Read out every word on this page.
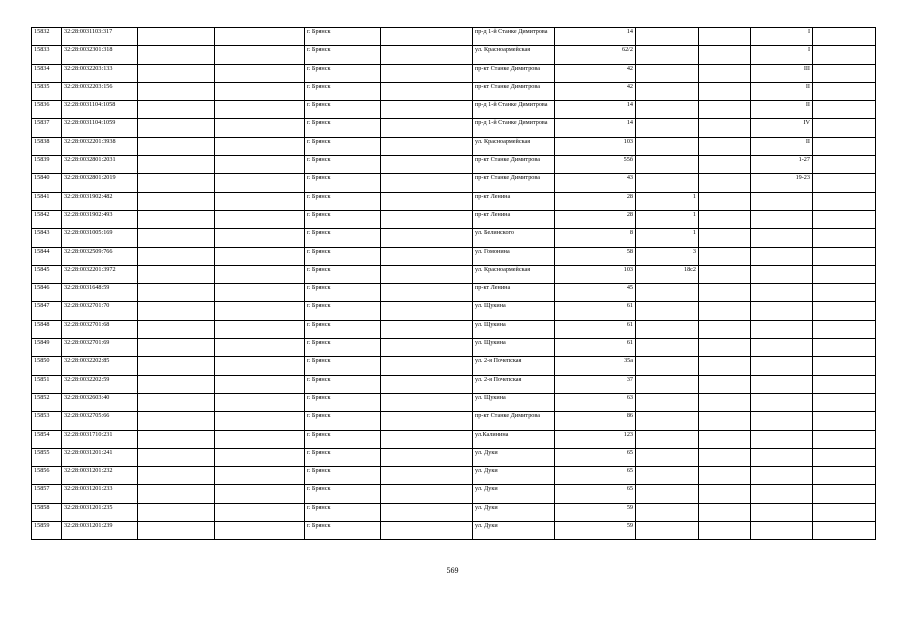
15832	32:28:0031103:317			г. Брянск		пр-д 1-й Станке Димитрова	14			I	
15833	32:28:0032301:318			г. Брянск		ул. Красноармейская	62/2			I	
15834	32:28:0032203:133			г. Брянск		пр-кт Станке Димитрова	42			III	
15835	32:28:0032203:156			г. Брянск		пр-кт Станке Димитрова	42			II	
15836	32:28:0031104:1058			г. Брянск		пр-д 1-й Станке Димитрова	14			II	
15837	32:28:0031104:1059			г. Брянск		пр-д 1-й Станке Димитрова	14			IV	
15838	32:28:0032201:3938			г. Брянск		ул. Красноармейская	103			II	
15839	32:28:0032801:2031			г. Брянск		пр-кт Станке Димитрова	55б			1-27	
15840	32:28:0032801:2019			г. Брянск		пр-кт Станке Димитрова	43			19-23	
15841	32:28:0031902:482			г. Брянск		пр-кт Ленина	28	1			
15842	32:28:0031902:493			г. Брянск		пр-кт Ленина	28	1			
15843	32:28:0031005:169			г. Брянск		ул. Белинского	8	1			
15844	32:28:0032509:766			г. Брянск		ул. Гомонина	58	3			
15845	32:28:0032201:3972			г. Брянск		ул. Красноармейская	103	18с2			
15846	32:28:0031648:59			г. Брянск		пр-кт Ленина	45				
15847	32:28:0032701:70			г. Брянск		ул. Щукина	61				
15848	32:28:0032701:68			г. Брянск		ул. Щукина	61				
15849	32:28:0032701:69			г. Брянск		ул. Щукина	61				
15850	32:28:0032202:85			г. Брянск		ул. 2-я Почепская	35а				
15851	32:28:0032202:59			г. Брянск		ул. 2-я Почепская	37				
15852	32:28:0032603:40			г. Брянск		ул. Щукина	63				
15853	32:28:0032705:66			г. Брянск		пр-кт Станке Димитрова	86				
15854	32:28:0031710:231			г. Брянск		ул.Калинина	123				
15855	32:28:0031201:241			г. Брянск		ул. Дуки	65				
15856	32:28:0031201:232			г. Брянск		ул. Дуки	65				
15857	32:28:0031201:233			г. Брянск		ул. Дуки	65				
15858	32:28:0031201:235			г. Брянск		ул. Дуки	59				
15859	32:28:0031201:239			г. Брянск		ул. Дуки	59				
569
